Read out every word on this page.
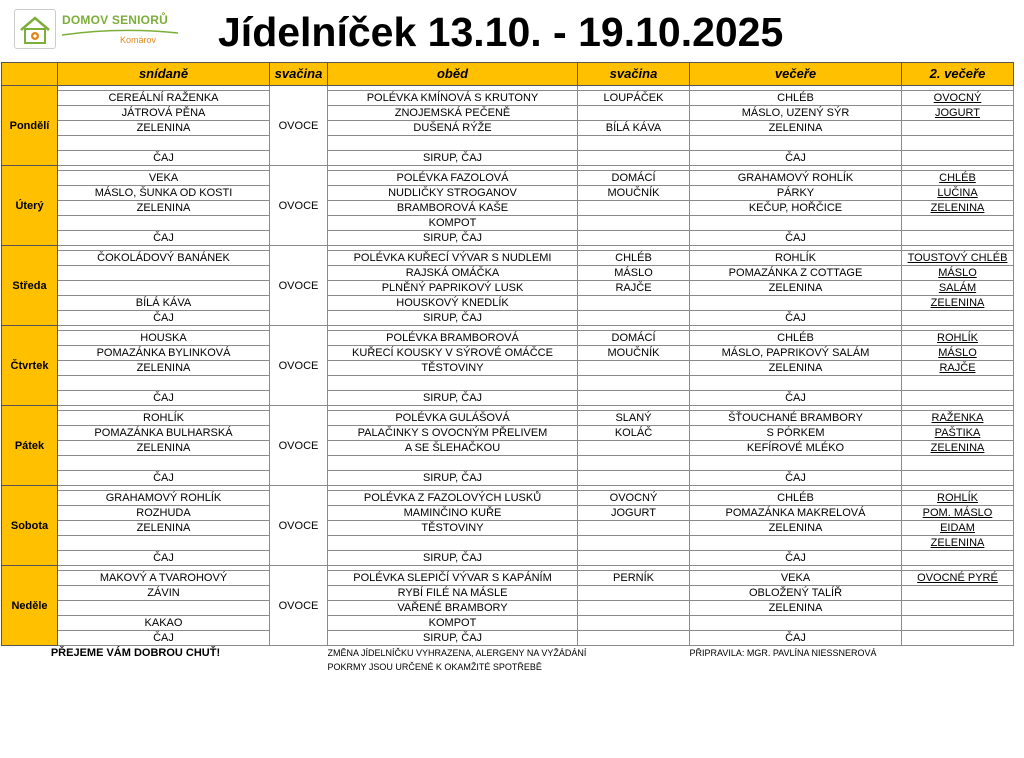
DOMOV SENIORŮ
Komárov Jídelníček 13.10. - 19.10.2025
	snídaně	svačina	oběd	svačina	večeře	2. večeře
Pondělí		OVOCE				
	CEREÁLNÍ RAŽENKA		POLÉVKA KMÍNOVÁ S KRUTONY	LOUPÁČEK	CHLÉB	OVOCNÝ
	JÁTROVÁ PĚNA		ZNOJEMSKÁ PEČENĚ		MÁSLO, UZENÝ SÝR	JOGURT
	ZELENINA		DUŠENÁ RÝŽE	BÍLÁ KÁVA	ZELENINA	

	ČAJ		SIRUP, ČAJ		ČAJ	
Úterý		OVOCE				
	VEKA		POLÉVKA FAZOLOVÁ	DOMÁCÍ	GRAHAMOVÝ ROHLÍK	CHLÉB
	MÁSLO, ŠUNKA OD KOSTI		NUDLIČKY STROGANOV	MOUČNÍK	PÁRKY	LUČINA
	ZELENINA		BRAMBOROVÁ KAŠE		KEČUP, HOŘČICE	ZELENINA
			KOMPOT			
	ČAJ		SIRUP, ČAJ		ČAJ	
Středa		OVOCE				
	ČOKOLÁDOVÝ BANÁNEK		POLÉVKA KUŘECÍ VÝVAR S NUDLEMI	CHLÉB	ROHLÍK	TOUSTOVÝ CHLÉB
			RAJSKÁ OMÁČKA	MÁSLO	POMAZÁNKA Z COTTAGE	MÁSLO
			PLNĚNÝ PAPRIKOVÝ LUSK	RAJČE	ZELENINA	SALÁM
	BÍLÁ KÁVA		HOUSKOVÝ KNEDLÍK			ZELENINA
	ČAJ		SIRUP, ČAJ		ČAJ	
Čtvrtek		OVOCE				
	HOUSKA		POLÉVKA BRAMBOROVÁ	DOMÁCÍ	CHLÉB	ROHLÍK
	POMAZÁNKA BYLINKOVÁ		KUŘECÍ KOUSKY V SÝROVÉ OMÁČCE	MOUČNÍK	MÁSLO, PAPRIKOVÝ SALÁM	MÁSLO
	ZELENINA		TĚSTOVINY		ZELENINA	RAJČE

	ČAJ		SIRUP, ČAJ		ČAJ	
Pátek		OVOCE				
	ROHLÍK		POLÉVKA GULÁŠOVÁ	SLANÝ	ŠŤOUCHANÉ BRAMBORY	RAŽENKA
	POMAZÁNKA BULHARSKÁ		PALAČINKY S OVOCNÝM PŘELIVEM	KOLÁČ	S PÓRKEM	PAŠTIKA
	ZELENINA		A SE ŠLEHAČKOU		KEFÍROVÉ MLÉKO	ZELENINA

	ČAJ		SIRUP, ČAJ		ČAJ	
Sobota		OVOCE				
	GRAHAMOVÝ ROHLÍK		POLÉVKA Z FAZOLOVÝCH LUSKŮ	OVOCNÝ	CHLÉB	ROHLÍK
	ROZHUDA		MAMINČINO KUŘE	JOGURT	POMAZÁNKA MAKRELOVÁ	POM. MÁSLO
	ZELENINA		TĚSTOVINY		ZELENINA	EIDAM
						ZELENINA
	ČAJ		SIRUP, ČAJ		ČAJ	
Neděle		OVOCE				
	MAKOVÝ A TVAROHOVÝ		POLÉVKA SLEPIČÍ VÝVAR S KAPÁNÍM	PERNÍK	VEKA	OVOCNÉ PYRÉ
	ZÁVIN		RYBÍ FILÉ NA MÁSLE		OBLOŽENÝ TALÍŘ	
			VAŘENÉ BRAMBORY		ZELENINA	
	KAKAO		KOMPOT			
	ČAJ		SIRUP, ČAJ		ČAJ	
PŘEJEME VÁM DOBROU CHUŤ!			ZMĚNA JÍDELNÍČKU VYHRAZENA, ALERGENY NA VYŽÁDÁNÍ		PŘIPRAVILA: MGR. PAVLÍNA NIESSNEROVÁ	
			POKRMY JSOU URČENÉ K OKAMŽITÉ SPOTŘEBĚ			
